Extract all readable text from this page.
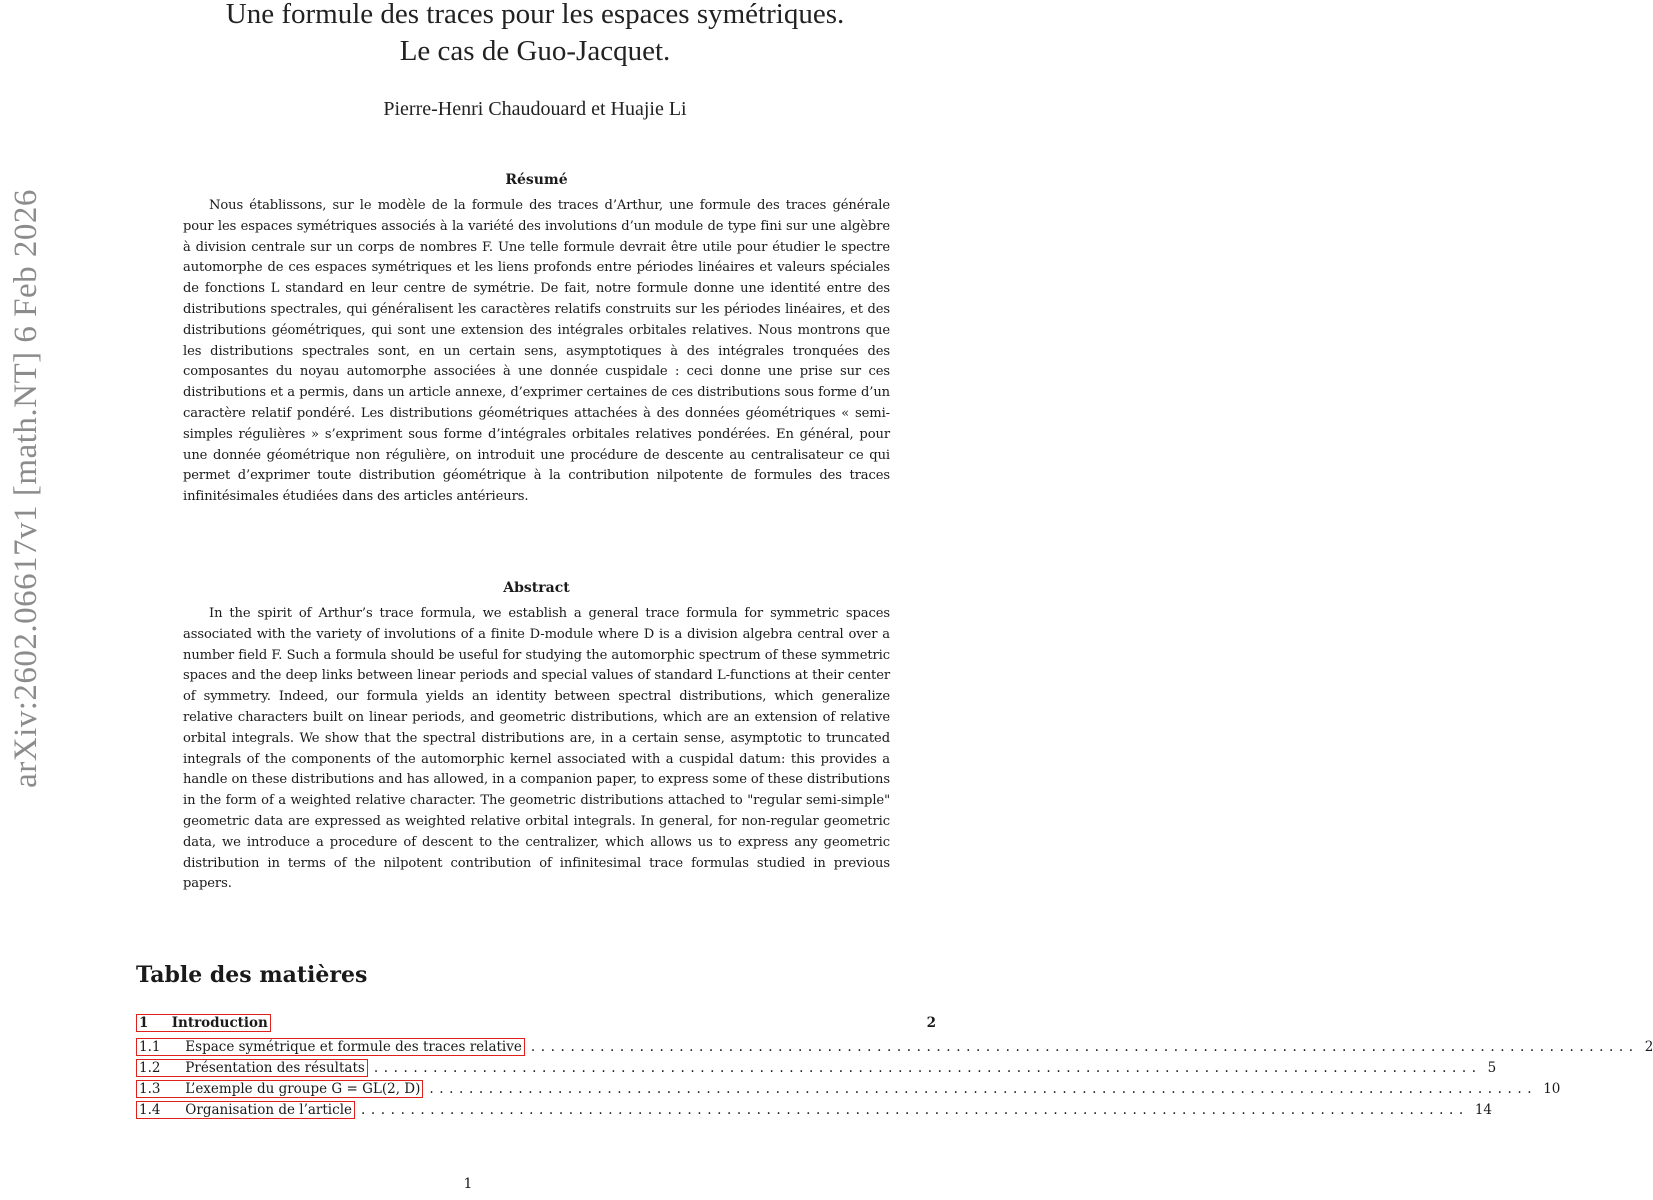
arXiv:2602.06617v1 [math.NT] 6 Feb 2026
Une formule des traces pour les espaces symétriques.
Le cas de Guo-Jacquet.
Pierre-Henri Chaudouard et Huajie Li
Résumé

Nous établissons, sur le modèle de la formule des traces d’Arthur, une formule des traces générale pour les espaces symétriques associés à la variété des involutions d’un module de type fini sur une algèbre à division centrale sur un corps de nombres F. Une telle formule devrait être utile pour étudier le spectre automorphe de ces espaces symétriques et les liens profonds entre périodes linéaires et valeurs spéciales de fonctions L standard en leur centre de symétrie. De fait, notre formule donne une identité entre des distributions spectrales, qui généralisent les caractères relatifs construits sur les périodes linéaires, et des distributions géométriques, qui sont une extension des intégrales orbitales relatives. Nous montrons que les distributions spectrales sont, en un certain sens, asymptotiques à des intégrales tronquées des composantes du noyau automorphe associées à une donnée cuspidale : ceci donne une prise sur ces distributions et a permis, dans un article annexe, d’exprimer certaines de ces distributions sous forme d’un caractère relatif pondéré. Les distributions géométriques attachées à des données géométriques « semi-simples régulières » s’expriment sous forme d’intégrales orbitales relatives pondérées. En général, pour une donnée géométrique non régulière, on introduit une procédure de descente au centralisateur ce qui permet d’exprimer toute distribution géométrique à la contribution nilpotente de formules des traces infinitésimales étudiées dans des articles antérieurs.

Abstract

In the spirit of Arthur’s trace formula, we establish a general trace formula for symmetric spaces associated with the variety of involutions of a finite D-module where D is a division algebra central over a number field F. Such a formula should be useful for studying the automorphic spectrum of these symmetric spaces and the deep links between linear periods and special values of standard L-functions at their center of symmetry. Indeed, our formula yields an identity between spectral distributions, which generalize relative characters built on linear periods, and geometric distributions, which are an extension of relative orbital integrals. We show that the spectral distributions are, in a certain sense, asymptotic to truncated integrals of the components of the automorphic kernel associated with a cuspidal datum: this provides a handle on these distributions and has allowed, in a companion paper, to express some of these distributions in the form of a weighted relative character. The geometric distributions attached to "regular semi-simple" geometric data are expressed as weighted relative orbital integrals. In general, for non-regular geometric data, we introduce a procedure of descent to the centralizer, which allows us to express any geometric distribution in terms of the nilpotent contribution of infinitesimal trace formulas studied in previous papers.

Table des matières
1 Introduction	2
1.1 Espace symétrique et formule des traces relative ................................................................................................................ 2
1.2 Présentation des résultats ................................................................................................................ 5
1.3 L’exemple du groupe G = GL(2, D) ................................................................................................................ 10
1.4 Organisation de l’article ................................................................................................................ 14
1
